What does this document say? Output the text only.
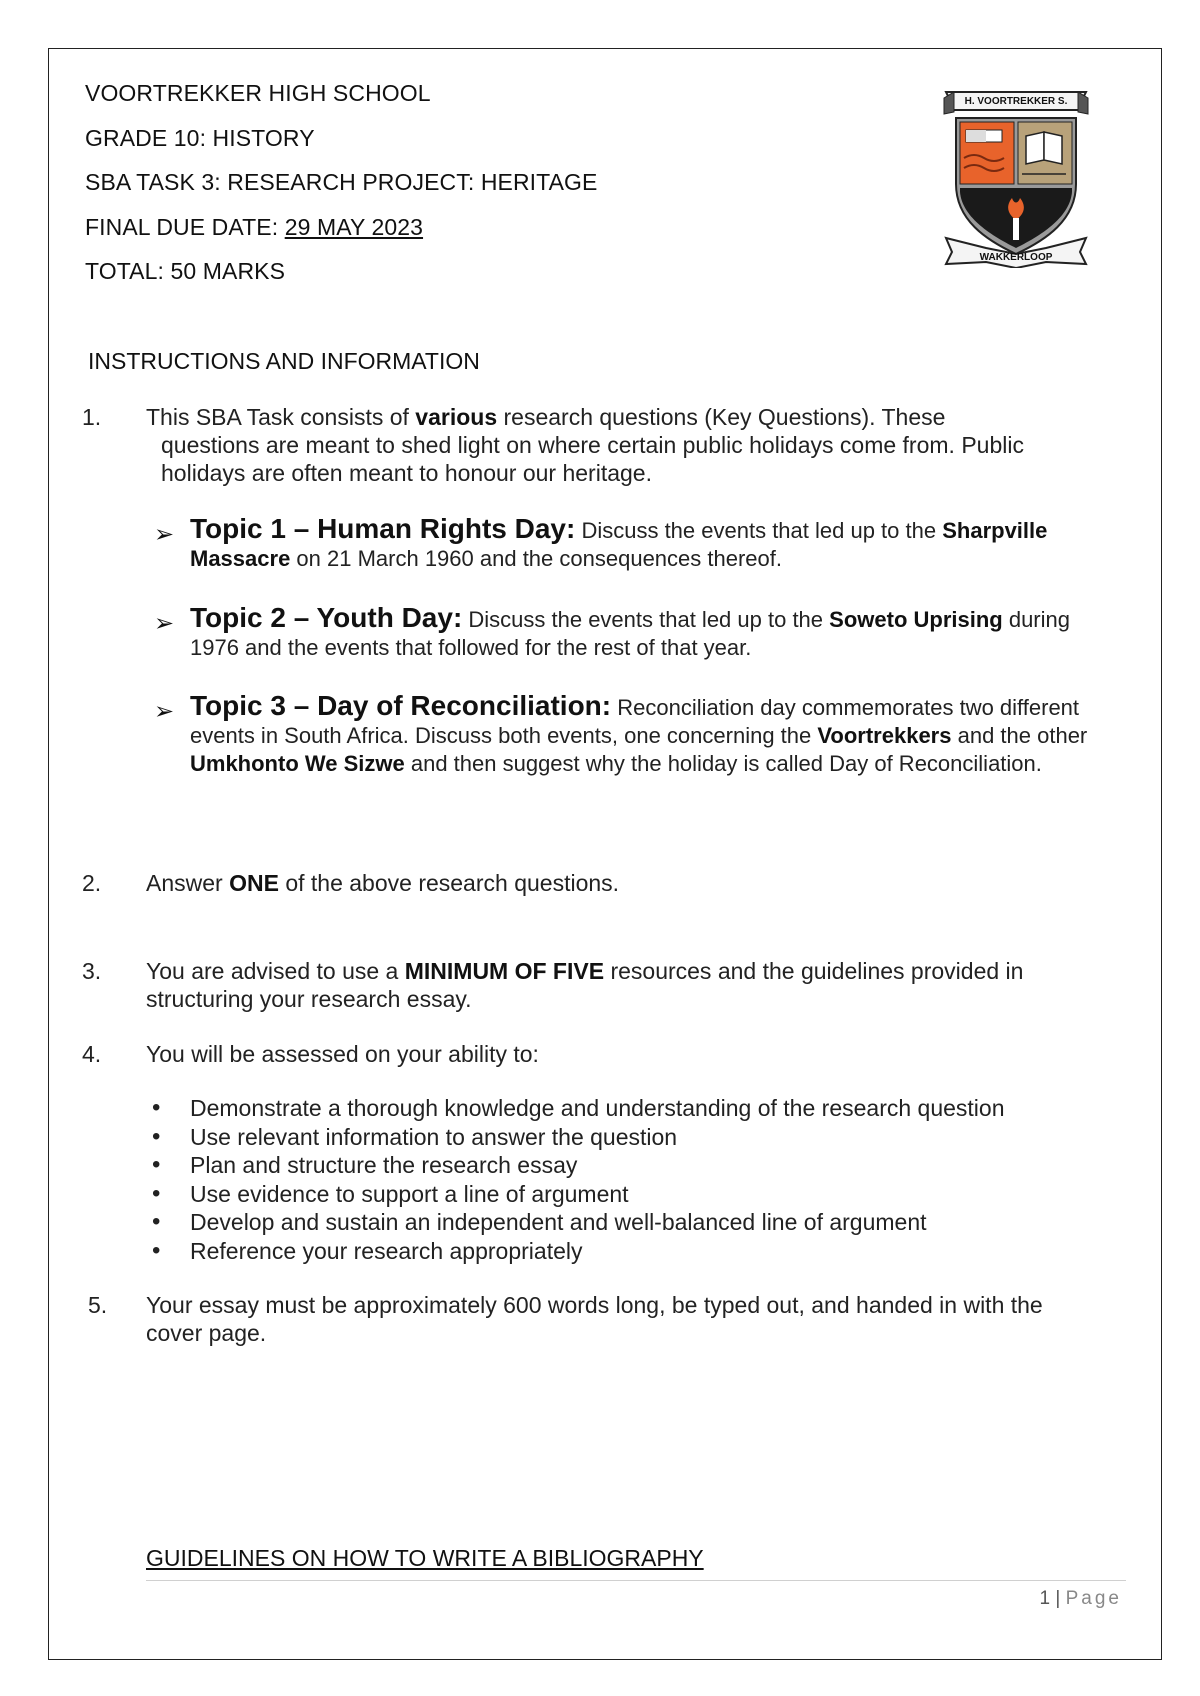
VOORTREKKER HIGH SCHOOL
GRADE 10: HISTORY
SBA TASK 3: RESEARCH PROJECT: HERITAGE
FINAL DUE DATE: 29 MAY 2023
TOTAL: 50 MARKS
H. VOORTREKKER S.
WAKKERLOOP
INSTRUCTIONS AND INFORMATION
1. This SBA Task consists of various research questions (Key Questions). These
questions are meant to shed light on where certain public holidays come from. Public
holidays are often meant to honour our heritage.
➢ Topic 1 – Human Rights Day: Discuss the events that led up to the Sharpville Massacre on 21 March 1960 and the consequences thereof.
➢ Topic 2 – Youth Day: Discuss the events that led up to the Soweto Uprising during 1976 and the events that followed for the rest of that year.
➢ Topic 3 – Day of Reconciliation: Reconciliation day commemorates two different events in South Africa. Discuss both events, one concerning the Voortrekkers and the other Umkhonto We Sizwe and then suggest why the holiday is called Day of Reconciliation.
2. Answer ONE of the above research questions.
3. You are advised to use a MINIMUM OF FIVE resources and the guidelines provided in
structuring your research essay.
4. You will be assessed on your ability to:
• Demonstrate a thorough knowledge and understanding of the research question
• Use relevant information to answer the question
• Plan and structure the research essay
• Use evidence to support a line of argument
• Develop and sustain an independent and well-balanced line of argument
• Reference your research appropriately
5. Your essay must be approximately 600 words long, be typed out, and handed in with the
cover page.
GUIDELINES ON HOW TO WRITE A BIBLIOGRAPHY
1 | Page
